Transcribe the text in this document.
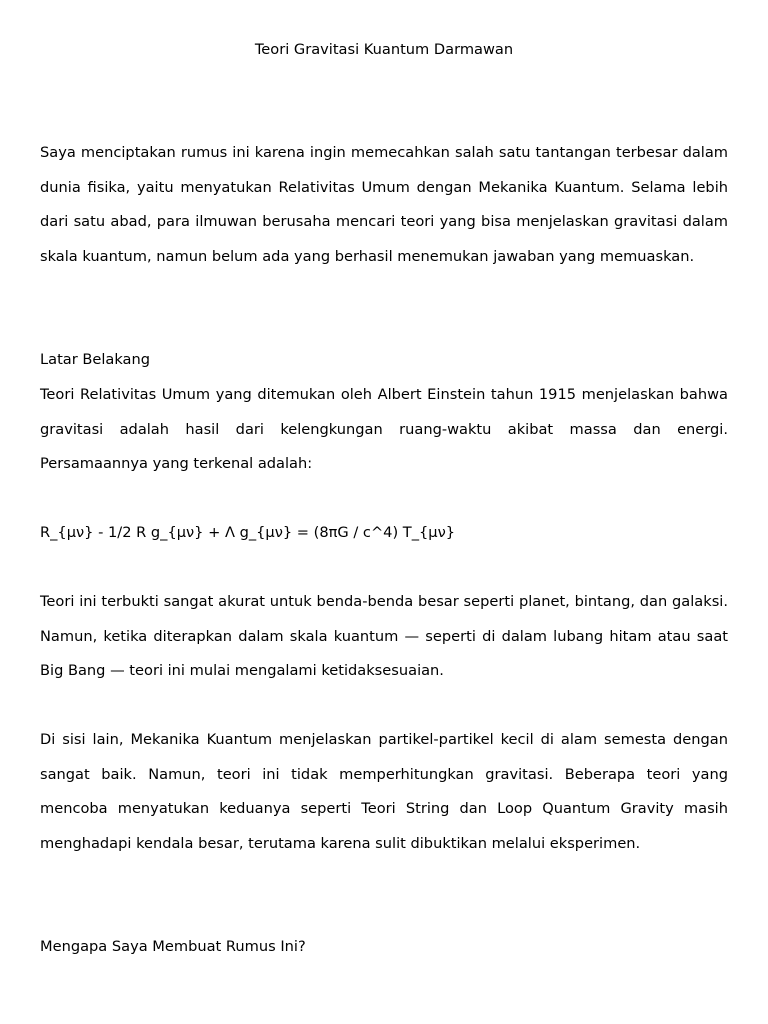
Teori Gravitasi Kuantum Darmawan

Saya menciptakan rumus ini karena ingin memecahkan salah satu tantangan terbesar dalam dunia fisika, yaitu menyatukan Relativitas Umum dengan Mekanika Kuantum. Selama lebih dari satu abad, para ilmuwan berusaha mencari teori yang bisa menjelaskan gravitasi dalam skala kuantum, namun belum ada yang berhasil menemukan jawaban yang memuaskan.

Latar Belakang

Teori Relativitas Umum yang ditemukan oleh Albert Einstein tahun 1915 menjelaskan bahwa gravitasi adalah hasil dari kelengkungan ruang-waktu akibat massa dan energi. Persamaannya yang terkenal adalah:

R_{μν} - 1/2 R g_{μν} + Λ g_{μν} = (8πG / c^4) T_{μν}

Teori ini terbukti sangat akurat untuk benda-benda besar seperti planet, bintang, dan galaksi. Namun, ketika diterapkan dalam skala kuantum — seperti di dalam lubang hitam atau saat Big Bang — teori ini mulai mengalami ketidaksesuaian.

Di sisi lain, Mekanika Kuantum menjelaskan partikel-partikel kecil di alam semesta dengan sangat baik. Namun, teori ini tidak memperhitungkan gravitasi. Beberapa teori yang mencoba menyatukan keduanya seperti Teori String dan Loop Quantum Gravity masih menghadapi kendala besar, terutama karena sulit dibuktikan melalui eksperimen.

Mengapa Saya Membuat Rumus Ini?
